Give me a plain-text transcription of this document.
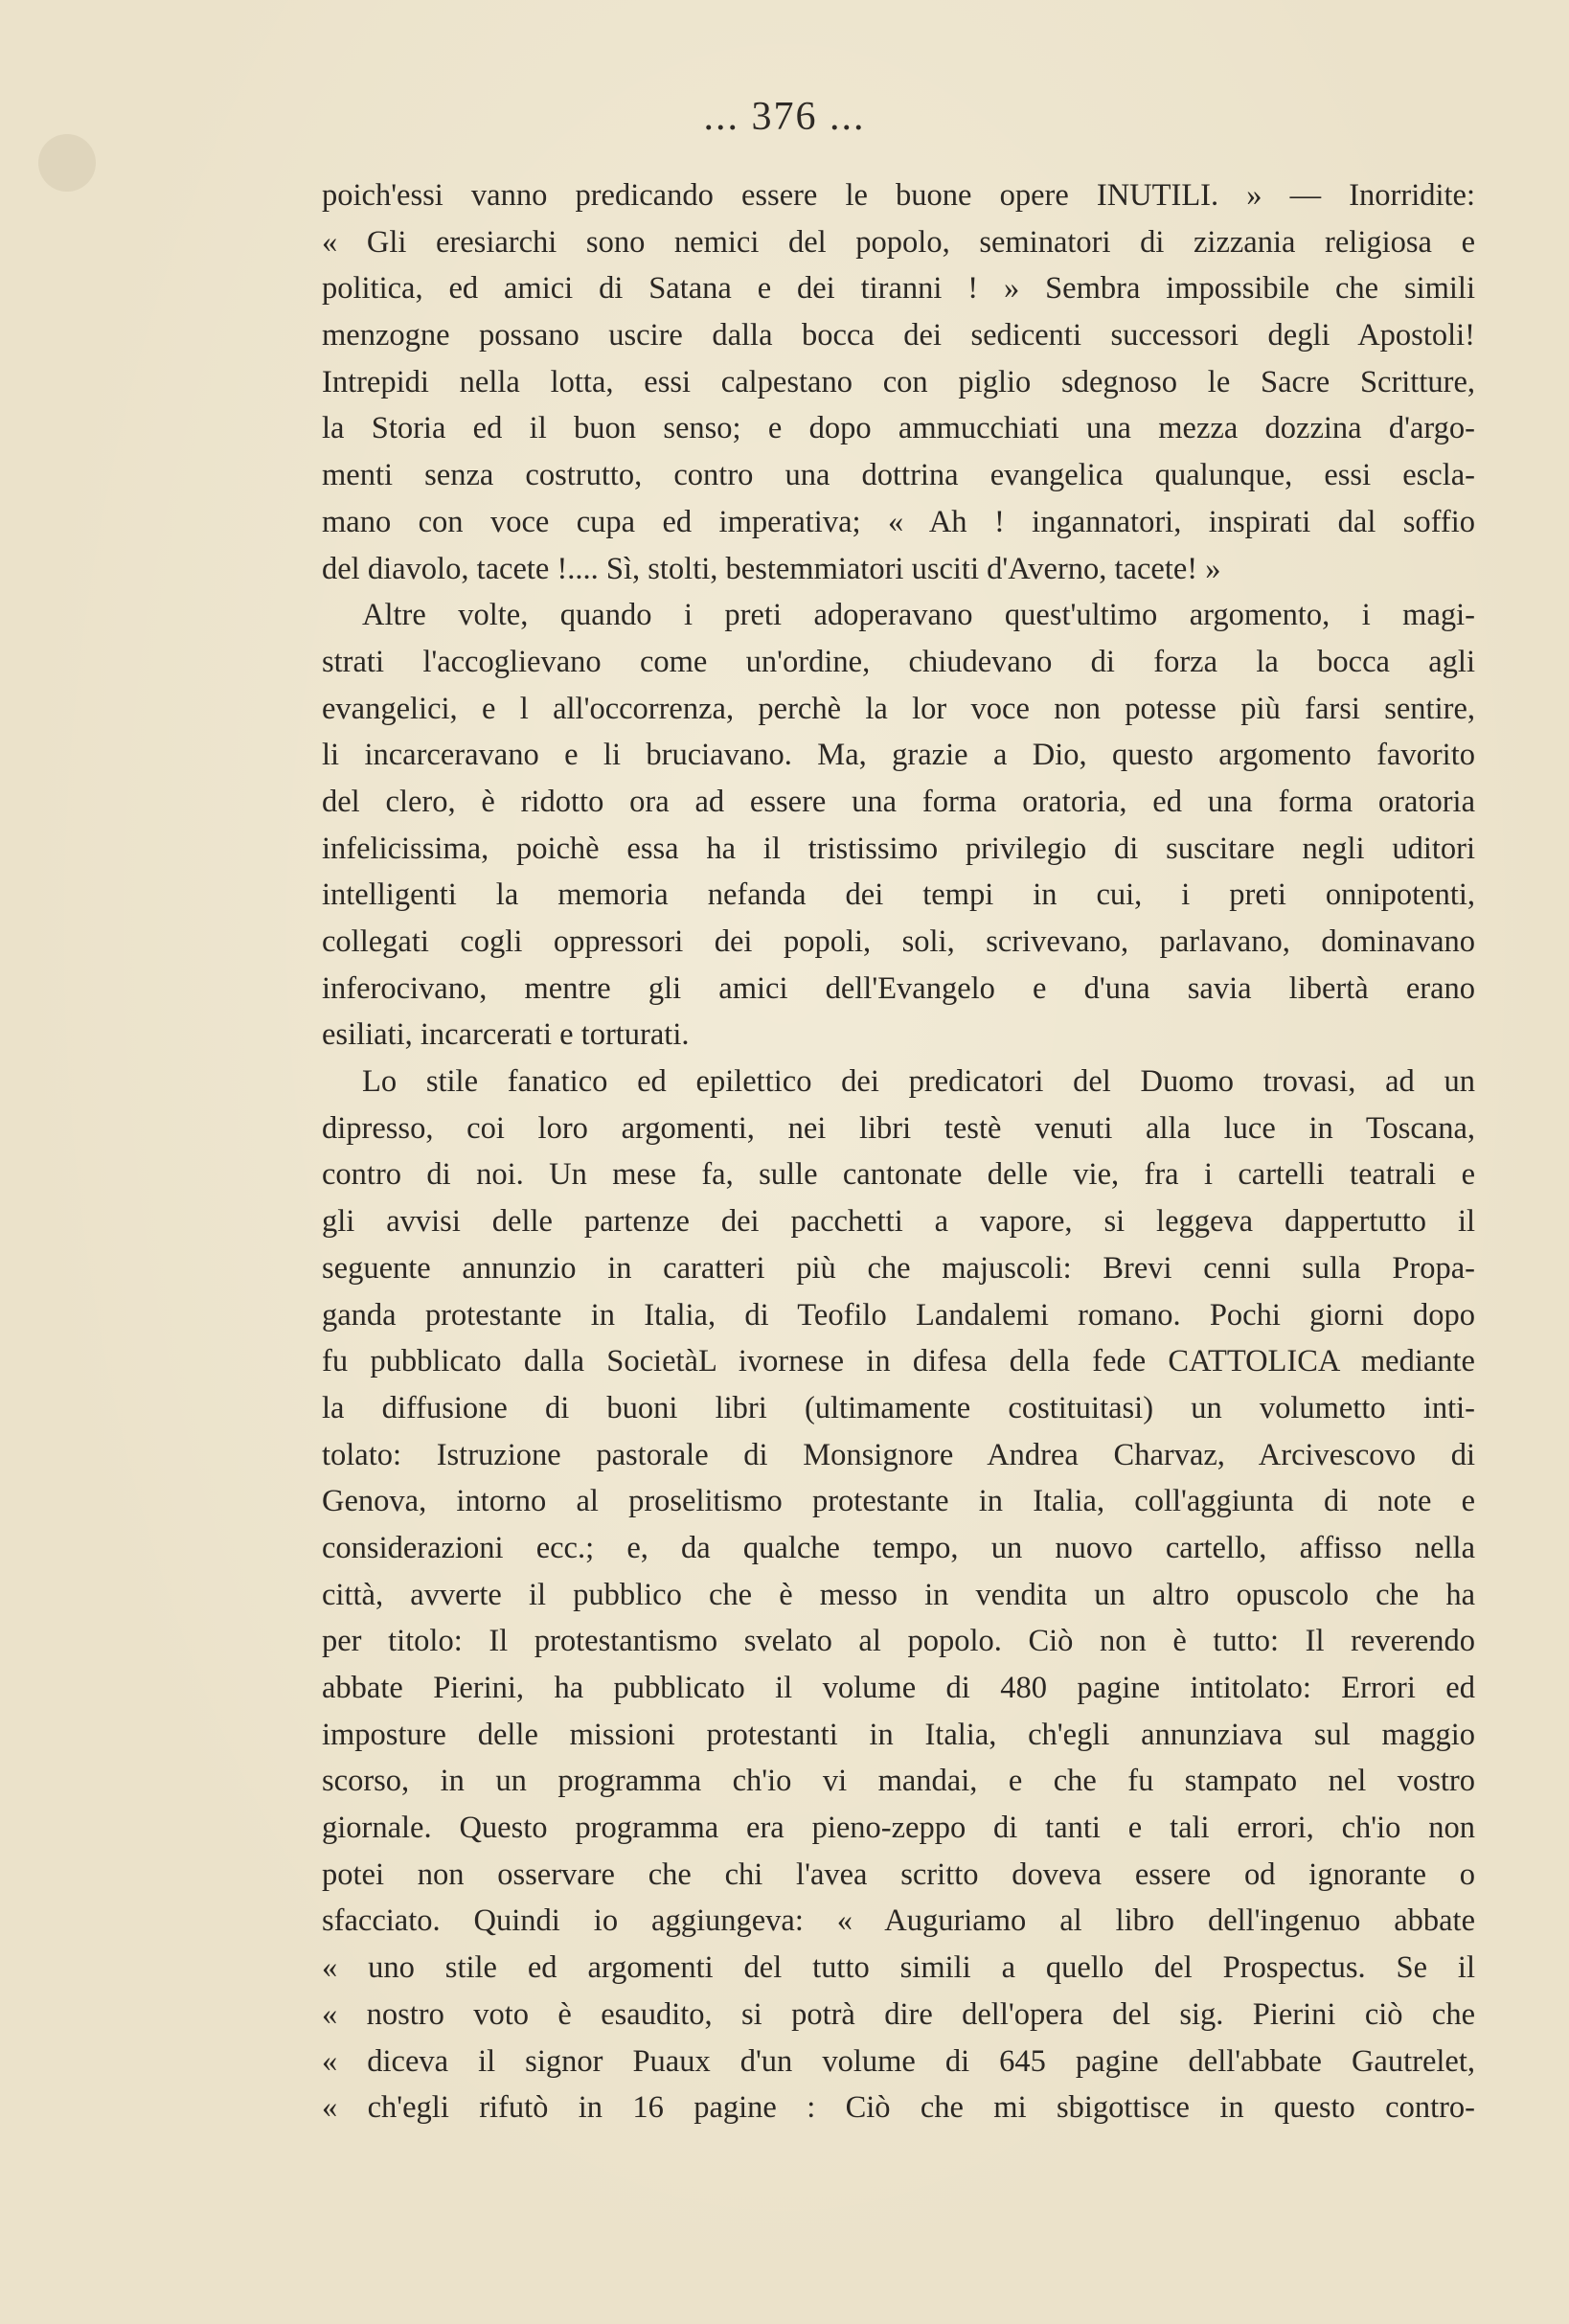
... 376 ...
poich'essi vanno predicando essere le buone opere INUTILI. » — Inorridite:
« Gli eresiarchi sono nemici del popolo, seminatori di zizzania religiosa e
politica, ed amici di Satana e dei tiranni ! » Sembra impossibile che simili
menzogne possano uscire dalla bocca dei sedicenti successori degli Apostoli!
Intrepidi nella lotta, essi calpestano con piglio sdegnoso le Sacre Scritture,
la Storia ed il buon senso; e dopo ammucchiati una mezza dozzina d'argo-
menti senza costrutto, contro una dottrina evangelica qualunque, essi escla-
mano con voce cupa ed imperativa; « Ah ! ingannatori, inspirati dal soffio
del diavolo, tacete !.... Sì, stolti, bestemmiatori usciti d'Averno, tacete! »
Altre volte, quando i preti adoperavano quest'ultimo argomento, i magi-
strati l'accoglievano come un'ordine, chiudevano di forza la bocca agli
evangelici, e l all'occorrenza, perchè la lor voce non potesse più farsi sentire,
li incarceravano e li bruciavano. Ma, grazie a Dio, questo argomento favorito
del clero, è ridotto ora ad essere una forma oratoria, ed una forma oratoria
infelicissima, poichè essa ha il tristissimo privilegio di suscitare negli uditori
intelligenti la memoria nefanda dei tempi in cui, i preti onnipotenti,
collegati cogli oppressori dei popoli, soli, scrivevano, parlavano, dominavano
inferocivano, mentre gli amici dell'Evangelo e d'una savia libertà erano
esiliati, incarcerati e torturati.
Lo stile fanatico ed epilettico dei predicatori del Duomo trovasi, ad un
dipresso, coi loro argomenti, nei libri testè venuti alla luce in Toscana,
contro di noi. Un mese fa, sulle cantonate delle vie, fra i cartelli teatrali e
gli avvisi delle partenze dei pacchetti a vapore, si leggeva dappertutto il
seguente annunzio in caratteri più che majuscoli: Brevi cenni sulla Propa-
ganda protestante in Italia, di Teofilo Landalemi romano. Pochi giorni dopo
fu pubblicato dalla SocietàL ivornese in difesa della fede CATTOLICA mediante
la diffusione di buoni libri (ultimamente costituitasi) un volumetto inti-
tolato: Istruzione pastorale di Monsignore Andrea Charvaz, Arcivescovo di
Genova, intorno al proselitismo protestante in Italia, coll'aggiunta di note e
considerazioni ecc.; e, da qualche tempo, un nuovo cartello, affisso nella
città, avverte il pubblico che è messo in vendita un altro opuscolo che ha
per titolo: Il protestantismo svelato al popolo. Ciò non è tutto: Il reverendo
abbate Pierini, ha pubblicato il volume di 480 pagine intitolato: Errori ed
imposture delle missioni protestanti in Italia, ch'egli annunziava sul maggio
scorso, in un programma ch'io vi mandai, e che fu stampato nel vostro
giornale. Questo programma era pieno-zeppo di tanti e tali errori, ch'io non
potei non osservare che chi l'avea scritto doveva essere od ignorante o
sfacciato. Quindi io aggiungeva: « Auguriamo al libro dell'ingenuo abbate
« uno stile ed argomenti del tutto simili a quello del Prospectus. Se il
« nostro voto è esaudito, si potrà dire dell'opera del sig. Pierini ciò che
« diceva il signor Puaux d'un volume di 645 pagine dell'abbate Gautrelet,
« ch'egli rifutò in 16 pagine : Ciò che mi sbigottisce in questo contro-
